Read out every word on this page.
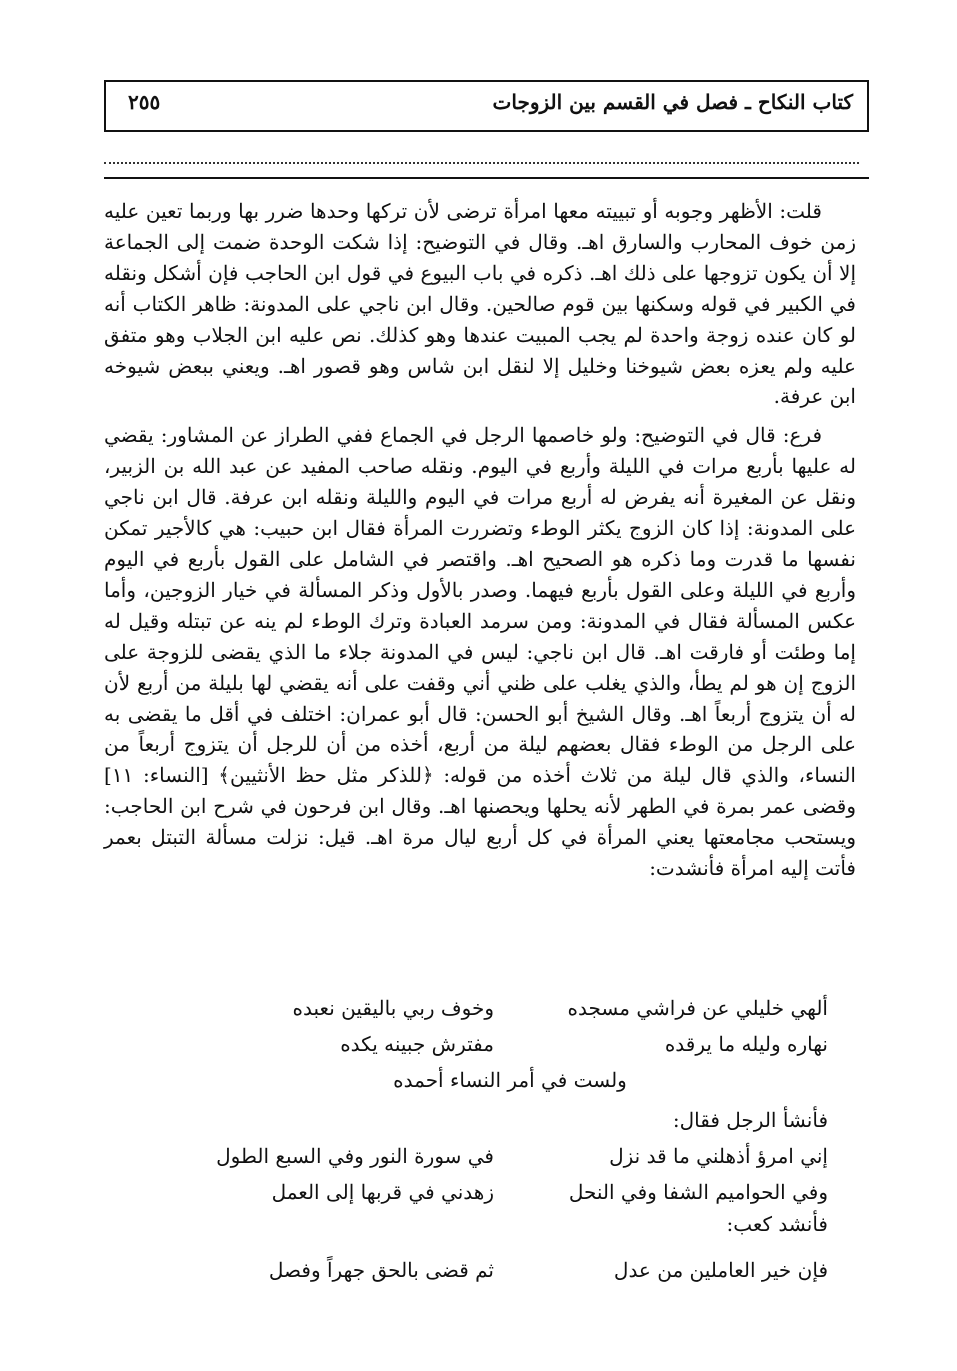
كتاب النكاح ـ فصل في القسم بين الزوجات
٢٥٥

قلت: الأظهر وجوبه أو تبييته معها امرأة ترضى لأن تركها وحدها ضرر بها وربما تعين عليه زمن خوف المحارب والسارق اهـ. وقال في التوضيح: إذا شكت الوحدة ضمت إلى الجماعة إلا أن يكون تزوجها على ذلك اهـ. ذكره في باب البيوع في قول ابن الحاجب فإن أشكل ونقله في الكبير في قوله وسكنها بين قوم صالحين. وقال ابن ناجي على المدونة: ظاهر الكتاب أنه لو كان عنده زوجة واحدة لم يجب المبيت عندها وهو كذلك. نص عليه ابن الجلاب وهو متفق عليه ولم يعزه بعض شيوخنا وخليل إلا لنقل ابن شاس وهو قصور اهـ. ويعني ببعض شيوخه ابن عرفة.

فرع: قال في التوضيح: ولو خاصمها الرجل في الجماع ففي الطراز عن المشاور: يقضي له عليها بأربع مرات في الليلة وأربع في اليوم. ونقله صاحب المفيد عن عبد الله بن الزبير، ونقل عن المغيرة أنه يفرض له أربع مرات في اليوم والليلة ونقله ابن عرفة. قال ابن ناجي على المدونة: إذا كان الزوج يكثر الوطء وتضررت المرأة فقال ابن حبيب: هي كالأجير تمكن نفسها ما قدرت وما ذكره هو الصحيح اهـ. واقتصر في الشامل على القول بأربع في اليوم وأربع في الليلة وعلى القول بأربع فيهما. وصدر بالأول وذكر المسألة في خيار الزوجين، وأما عكس المسألة فقال في المدونة: ومن سرمد العبادة وترك الوطء لم ينه عن تبتله وقيل له إما وطئت أو فارقت اهـ. قال ابن ناجي: ليس في المدونة جلاء ما الذي يقضى للزوجة على الزوج إن هو لم يطأ، والذي يغلب على ظني أني وقفت على أنه يقضي لها بليلة من أربع لأن له أن يتزوج أربعاً اهـ. وقال الشيخ أبو الحسن: قال أبو عمران: اختلف في أقل ما يقضى به على الرجل من الوطء فقال بعضهم ليلة من أربع، أخذه من أن للرجل أن يتزوج أربعاً من النساء، والذي قال ليلة من ثلاث أخذه من قوله: ﴿للذكر مثل حظ الأنثيين﴾ [النساء: ١١] وقضى عمر بمرة في الطهر لأنه يحلها ويحصنها اهـ. وقال ابن فرحون في شرح ابن الحاجب: ويستحب مجامعتها يعني المرأة في كل أربع ليال مرة اهـ. قيل: نزلت مسألة التبتل بعمر فأتت إليه امرأة فأنشدت:

ألهي خليلي عن فراشي مسجده
وخوف ربي باليقين نعبده
نهاره وليله ما يرقده
مفترش جبينه يكده
ولست في أمر النساء أحمده
فأنشأ الرجل فقال:
إني امرؤ أذهلني ما قد نزل
في سورة النور وفي السبع الطول
وفي الحواميم الشفا وفي النحل
زهدني في قربها إلى العمل
فأنشد كعب:
فإن خير العاملين من عدل
ثم قضى بالحق جهراً وفصل
